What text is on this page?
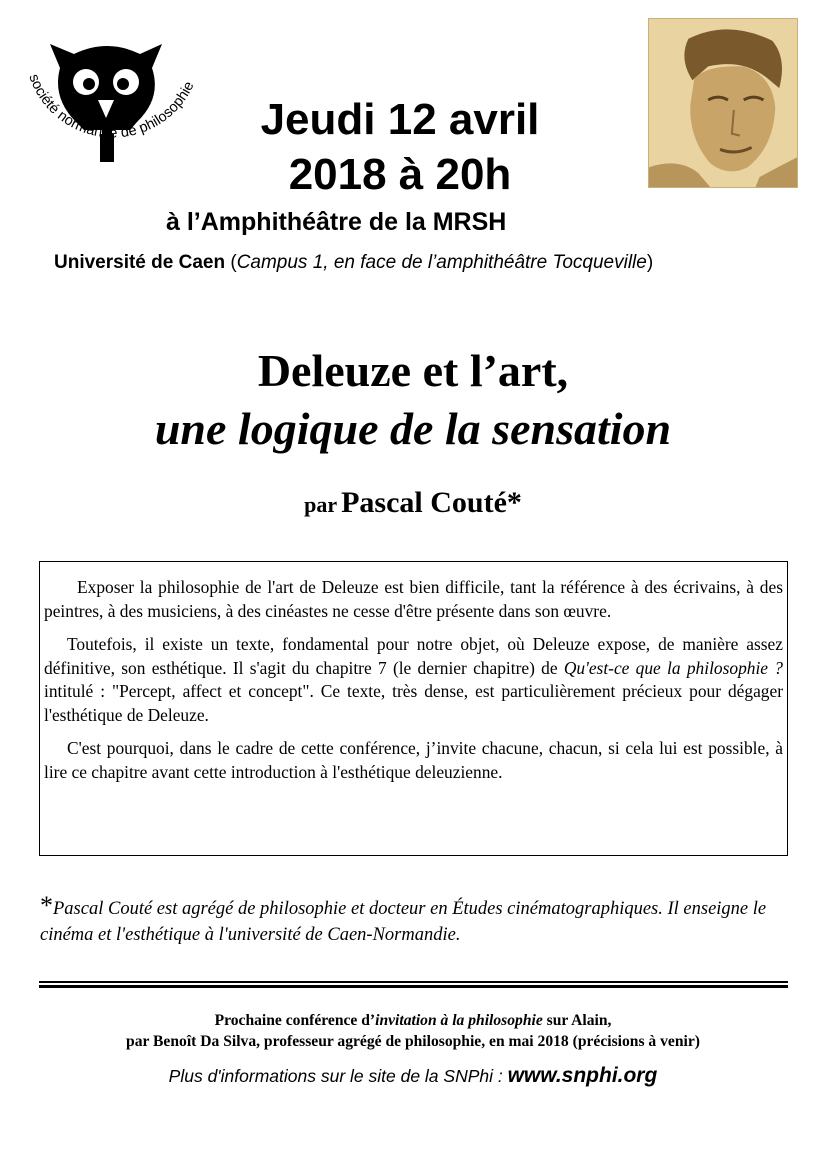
société normande de philosophie
Jeudi 12 avril
2018 à 20h
à l’Amphithéâtre de la MRSH
Université de Caen (Campus 1, en face de l’amphithéâtre Tocqueville)
Deleuze et l’art,
une logique de la sensation
par Pascal Couté*

Exposer la philosophie de l'art de Deleuze est bien difficile, tant la référence à des écrivains, à des peintres, à des musiciens, à des cinéastes ne cesse d'être présente dans son œuvre.

Toutefois, il existe un texte, fondamental pour notre objet, où Deleuze expose, de manière assez définitive, son esthétique. Il s'agit du chapitre 7 (le dernier chapitre) de Qu'est-ce que la philosophie ? intitulé : "Percept, affect et concept". Ce texte, très dense, est particulièrement précieux pour dégager l'esthétique de Deleuze.

C'est pourquoi, dans le cadre de cette conférence, j’invite chacune, chacun, si cela lui est possible, à lire ce chapitre avant cette introduction à l'esthétique deleuzienne.

*Pascal Couté est agrégé de philosophie et docteur en Études cinématographiques. Il enseigne le cinéma et l'esthétique à l'université de Caen-Normandie.
Prochaine conférence d’invitation à la philosophie sur Alain,
par Benoît Da Silva, professeur agrégé de philosophie, en mai 2018 (précisions à venir)
Plus d'informations sur le site de la SNPhi : www.snphi.org
